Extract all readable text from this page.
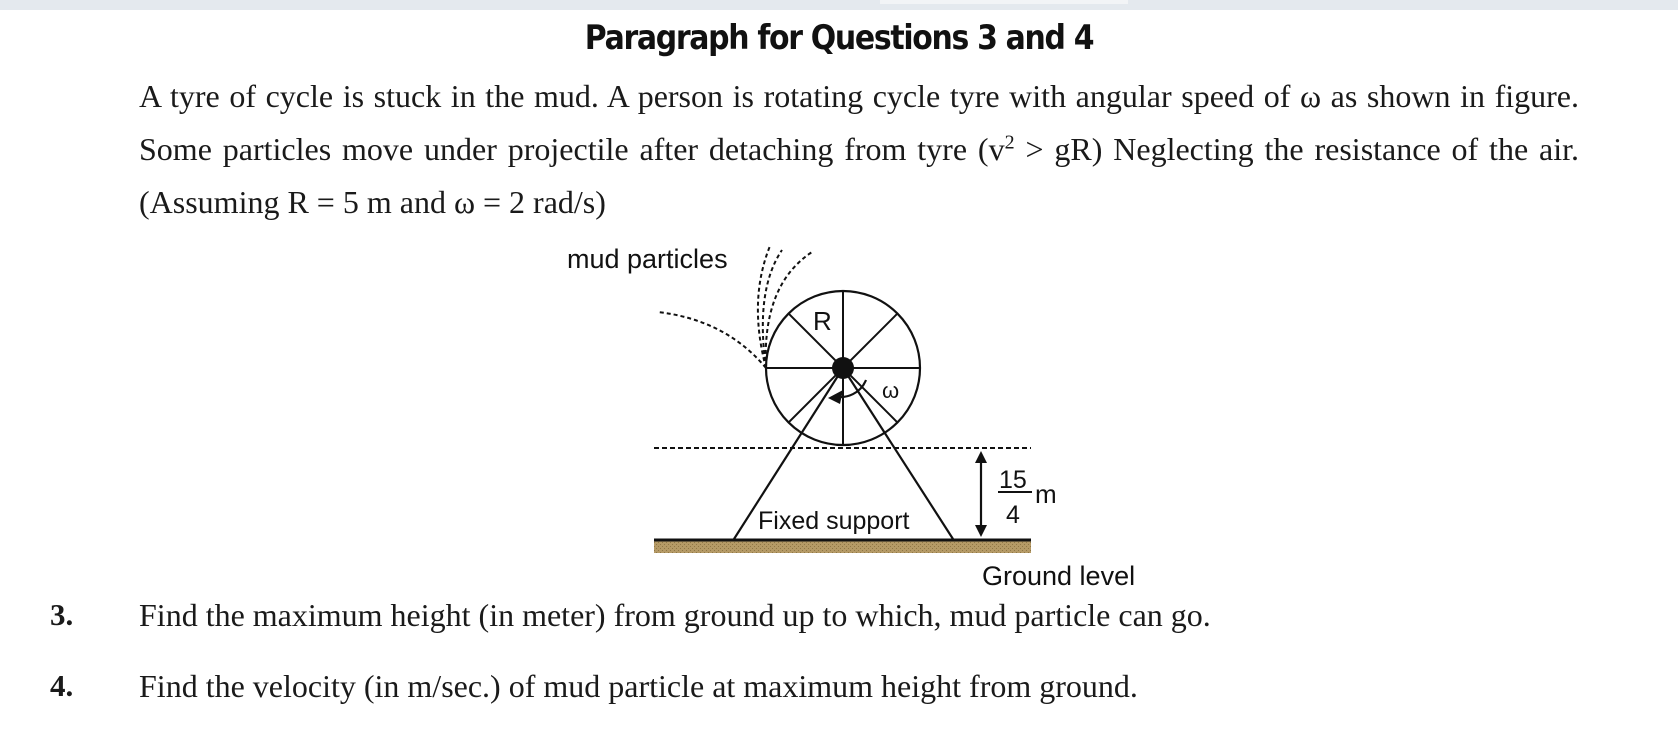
Paragraph for Questions 3 and 4

A tyre of cycle is stuck in the mud. A person is rotating cycle tyre with angular speed of ω as shown in figure. Some particles move under projectile after detaching from tyre $(v^2 > gR)$ Neglecting the resistance of the air. (Assuming R = 5 m and ω = 2 rad/s)

mud particles
R
ω
Fixed support
15
4
m
Ground level

3. Find the maximum height (in meter) from ground up to which, mud particle can go.

4. Find the velocity (in m/sec.) of mud particle at maximum height from ground.
